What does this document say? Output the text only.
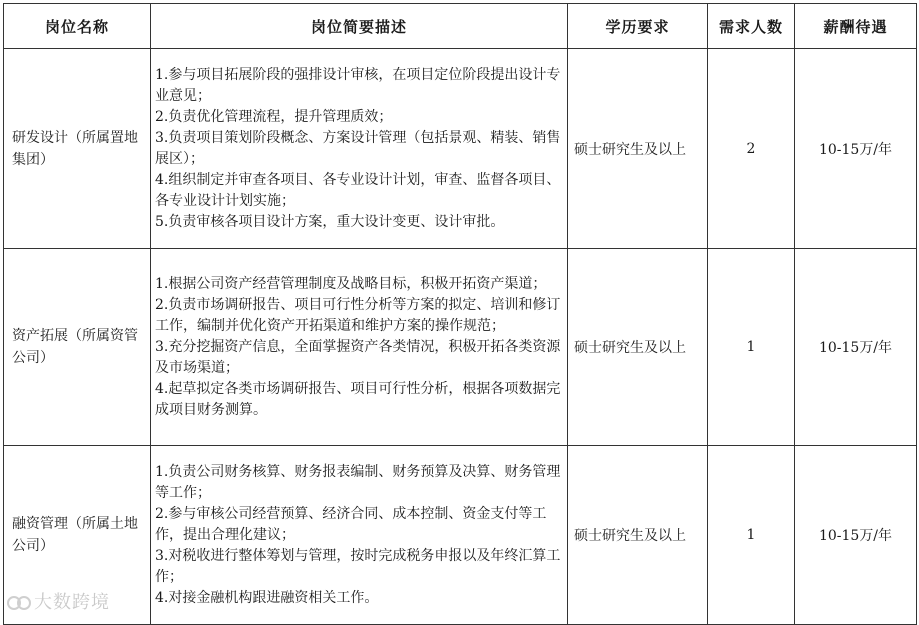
岗位名称	岗位简要描述	学历要求	需求人数	薪酬待遇
研发设计（所属置地集团）	1.参与项目拓展阶段的强排设计审核，在项目定位阶段提出设计专业意见；
2.负责优化管理流程，提升管理质效；
3.负责项目策划阶段概念、方案设计管理（包括景观、精装、销售展区）；
4.组织制定并审查各项目、各专业设计计划，审查、监督各项目、各专业设计计划实施；
5.负责审核各项目设计方案，重大设计变更、设计审批。	硕士研究生及以上	2	10-15万/年
资产拓展（所属资管公司）	1.根据公司资产经营管理制度及战略目标，积极开拓资产渠道；
2.负责市场调研报告、项目可行性分析等方案的拟定、培训和修订工作，编制并优化资产开拓渠道和维护方案的操作规范；
3.充分挖掘资产信息，全面掌握资产各类情况，积极开拓各类资源及市场渠道；
4.起草拟定各类市场调研报告、项目可行性分析，根据各项数据完成项目财务测算。	硕士研究生及以上	1	10-15万/年
融资管理（所属土地公司）	1.负责公司财务核算、财务报表编制、财务预算及决算、财务管理等工作；
2.参与审核公司经营预算、经济合同、成本控制、资金支付等工作，提出合理化建议；
3.对税收进行整体筹划与管理，按时完成税务申报以及年终汇算工作；
4.对接金融机构跟进融资相关工作。	硕士研究生及以上	1	10-15万/年
大数跨境
